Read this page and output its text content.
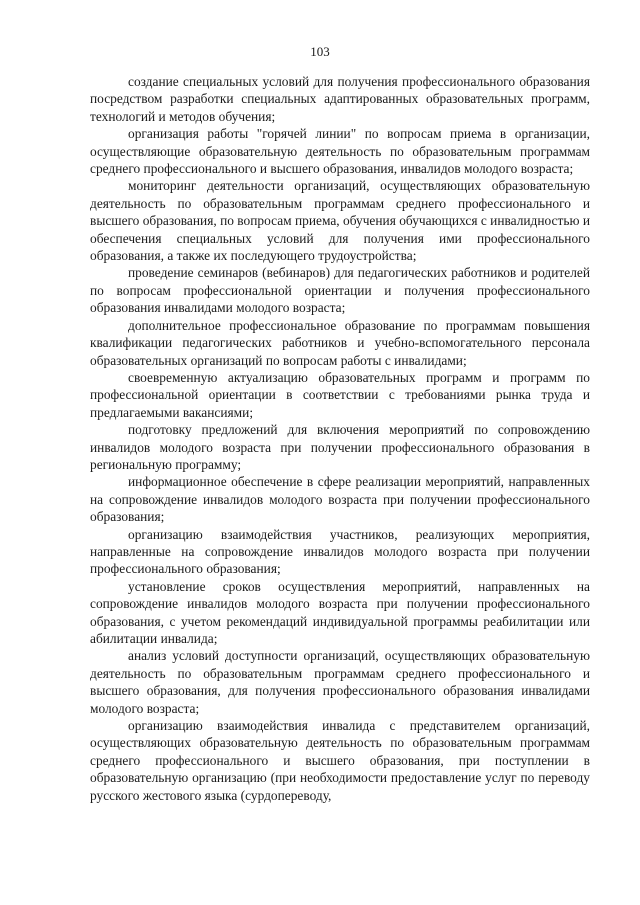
103

создание специальных условий для получения профессионального образования посредством разработки специальных адаптированных образовательных программ, технологий и методов обучения;

организация работы "горячей линии" по вопросам приема в организации, осуществляющие образовательную деятельность по образовательным программам среднего профессионального и высшего образования, инвалидов молодого возраста;

мониторинг деятельности организаций, осуществляющих образовательную деятельность по образовательным программам среднего профессионального и высшего образования, по вопросам приема, обучения обучающихся с инвалидностью и обеспечения специальных условий для получения ими профессионального образования, а также их последующего трудоустройства;

проведение семинаров (вебинаров) для педагогических работников и родителей по вопросам профессиональной ориентации и получения профессионального образования инвалидами молодого возраста;

дополнительное профессиональное образование по программам повышения квалификации педагогических работников и учебно-вспомогательного персонала образовательных организаций по вопросам работы с инвалидами;

своевременную актуализацию образовательных программ и программ по профессиональной ориентации в соответствии с требованиями рынка труда и предлагаемыми вакансиями;

подготовку предложений для включения мероприятий по сопровождению инвалидов молодого возраста при получении профессионального образования в региональную программу;

информационное обеспечение в сфере реализации мероприятий, направленных на сопровождение инвалидов молодого возраста при получении профессионального образования;

организацию взаимодействия участников, реализующих мероприятия, направленные на сопровождение инвалидов молодого возраста при получении профессионального образования;

установление сроков осуществления мероприятий, направленных на сопровождение инвалидов молодого возраста при получении профессионального образования, с учетом рекомендаций индивидуальной программы реабилитации или абилитации инвалида;

анализ условий доступности организаций, осуществляющих образовательную деятельность по образовательным программам среднего профессионального и высшего образования, для получения профессионального образования инвалидами молодого возраста;

организацию взаимодействия инвалида с представителем организаций, осуществляющих образовательную деятельность по образовательным программам среднего профессионального и высшего образования, при поступлении в образовательную организацию (при необходимости предоставление услуг по переводу русского жестового языка (сурдопереводу,
